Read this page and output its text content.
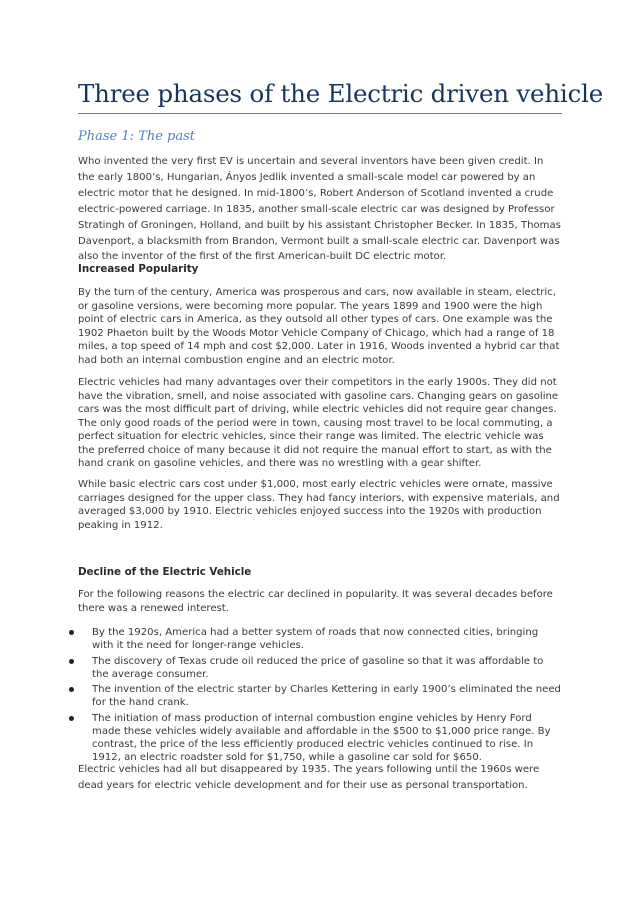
Three phases of the Electric driven vehicle
Phase 1: The past
Who invented the very first EV is uncertain and several inventors have been given credit. In the early 1800’s, Hungarian, Ányos Jedlik invented a small-scale model car powered by an electric motor that he designed. In mid-1800’s, Robert Anderson of Scotland invented a crude electric-powered carriage. In 1835, another small-scale electric car was designed by Professor Stratingh of Groningen, Holland, and built by his assistant Christopher Becker. In 1835, Thomas Davenport, a blacksmith from Brandon, Vermont built a small-scale electric car. Davenport was also the inventor of the first of the first American-built DC electric motor.
Increased Popularity
By the turn of the century, America was prosperous and cars, now available in steam, electric, or gasoline versions, were becoming more popular. The years 1899 and 1900 were the high point of electric cars in America, as they outsold all other types of cars. One example was the 1902 Phaeton built by the Woods Motor Vehicle Company of Chicago, which had a range of 18 miles, a top speed of 14 mph and cost $2,000. Later in 1916, Woods invented a hybrid car that had both an internal combustion engine and an electric motor.
Electric vehicles had many advantages over their competitors in the early 1900s. They did not have the vibration, smell, and noise associated with gasoline cars. Changing gears on gasoline cars was the most difficult part of driving, while electric vehicles did not require gear changes. The only good roads of the period were in town, causing most travel to be local commuting, a perfect situation for electric vehicles, since their range was limited. The electric vehicle was the preferred choice of many because it did not require the manual effort to start, as with the hand crank on gasoline vehicles, and there was no wrestling with a gear shifter.
While basic electric cars cost under $1,000, most early electric vehicles were ornate, massive carriages designed for the upper class. They had fancy interiors, with expensive materials, and averaged $3,000 by 1910. Electric vehicles enjoyed success into the 1920s with production peaking in 1912.
Decline of the Electric Vehicle
For the following reasons the electric car declined in popularity. It was several decades before there was a renewed interest.
By the 1920s, America had a better system of roads that now connected cities, bringing with it the need for longer-range vehicles.
The discovery of Texas crude oil reduced the price of gasoline so that it was affordable to the average consumer.
The invention of the electric starter by Charles Kettering in early 1900’s eliminated the need for the hand crank.
The initiation of mass production of internal combustion engine vehicles by Henry Ford made these vehicles widely available and affordable in the $500 to $1,000 price range. By contrast, the price of the less efficiently produced electric vehicles continued to rise. In 1912, an electric roadster sold for $1,750, while a gasoline car sold for $650.
Electric vehicles had all but disappeared by 1935. The years following until the 1960s were dead years for electric vehicle development and for their use as personal transportation.
